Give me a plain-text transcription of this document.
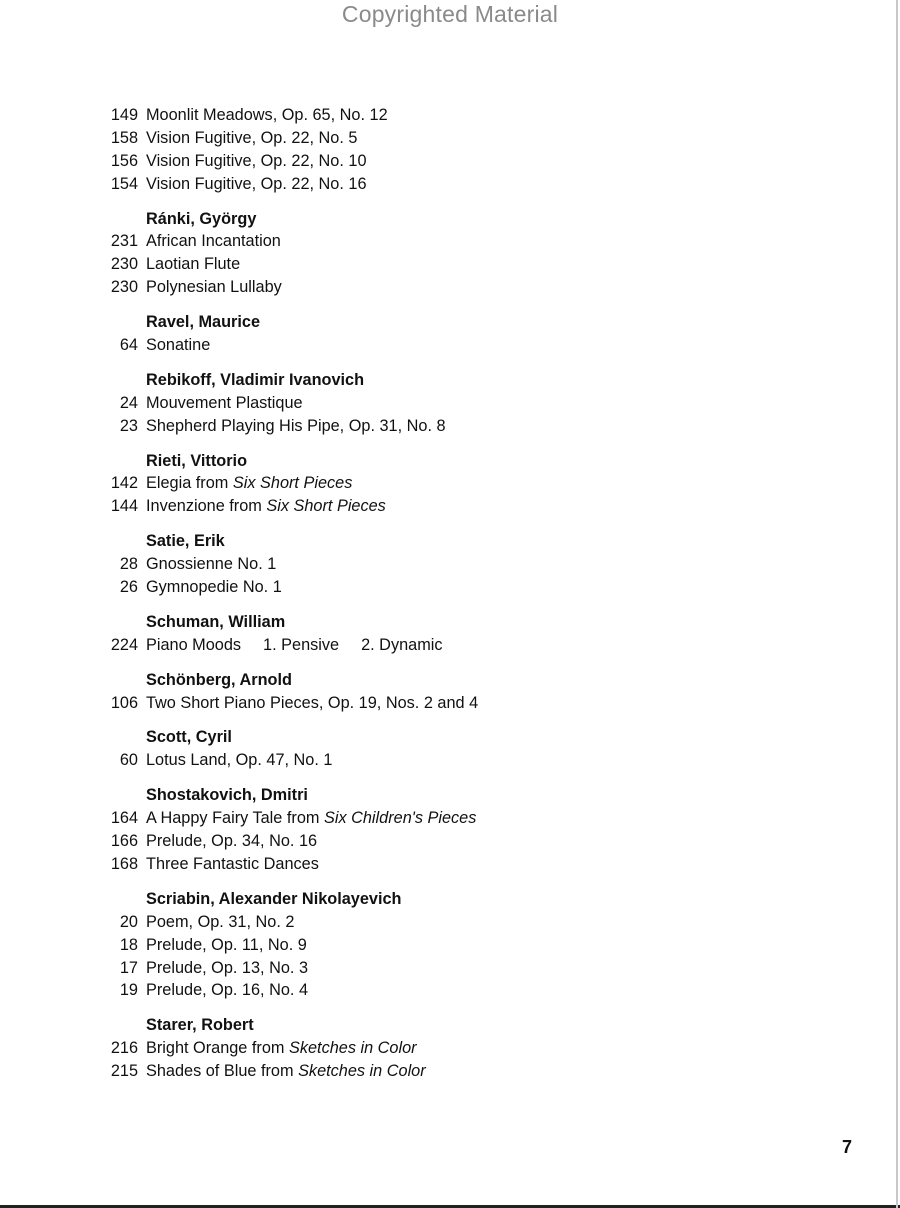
Copyrighted Material
149 Moonlit Meadows, Op. 65, No. 12
158 Vision Fugitive, Op. 22, No. 5
156 Vision Fugitive, Op. 22, No. 10
154 Vision Fugitive, Op. 22, No. 16
Ránki, György
231 African Incantation
230 Laotian Flute
230 Polynesian Lullaby
Ravel, Maurice
64 Sonatine
Rebikoff, Vladimir Ivanovich
24 Mouvement Plastique
23 Shepherd Playing His Pipe, Op. 31, No. 8
Rieti, Vittorio
142 Elegia from Six Short Pieces
144 Invenzione from Six Short Pieces
Satie, Erik
28 Gnossienne No. 1
26 Gymnopedie No. 1
Schuman, William
224 Piano Moods 1. Pensive 2. Dynamic
Schönberg, Arnold
106 Two Short Piano Pieces, Op. 19, Nos. 2 and 4
Scott, Cyril
60 Lotus Land, Op. 47, No. 1
Shostakovich, Dmitri
164 A Happy Fairy Tale from Six Children's Pieces
166 Prelude, Op. 34, No. 16
168 Three Fantastic Dances
Scriabin, Alexander Nikolayevich
20 Poem, Op. 31, No. 2
18 Prelude, Op. 11, No. 9
17 Prelude, Op. 13, No. 3
19 Prelude, Op. 16, No. 4
Starer, Robert
216 Bright Orange from Sketches in Color
215 Shades of Blue from Sketches in Color
7
